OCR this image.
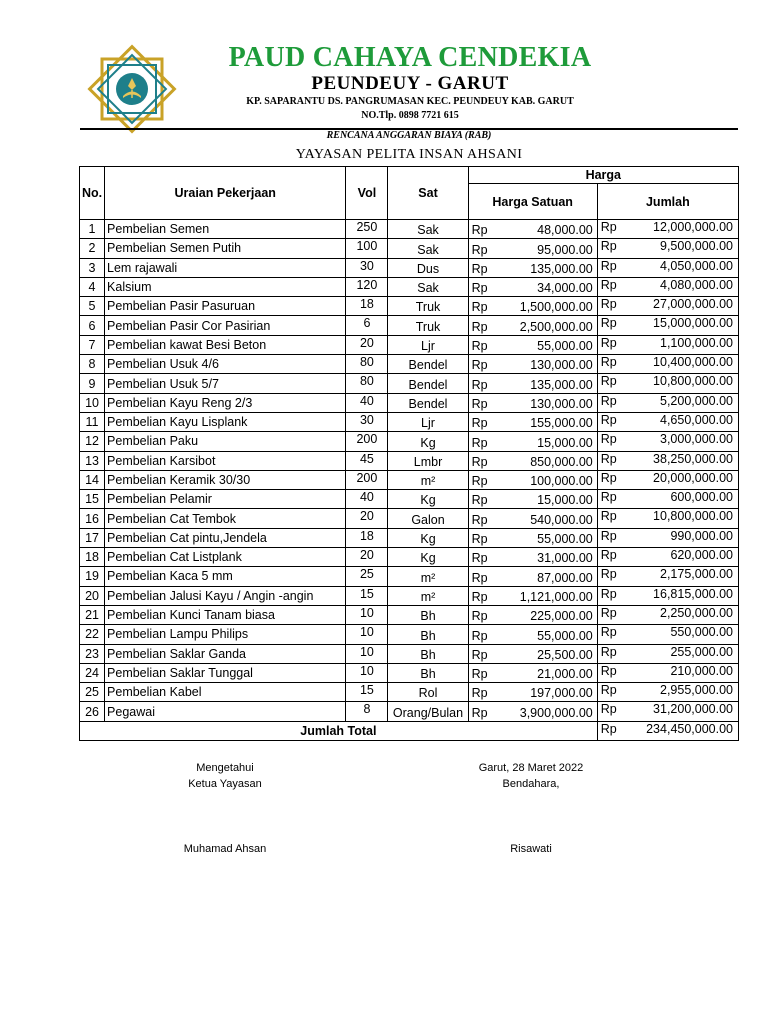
PAUD CAHAYA CENDEKIA
PEUNDEUY - GARUT
KP. SAPARANTU DS. PANGRUMASAN KEC. PEUNDEUY KAB. GARUT
NO.Tlp. 0898 7721 615
RENCANA ANGGARAN BIAYA (RAB)
YAYASAN PELITA INSAN AHSANI
No.	Uraian Pekerjaan	Vol	Sat	Harga			
				Harga Satuan		Jumlah	
1	Pembelian Semen	250	Sak	Rp	48,000.00	Rp	12,000,000.00
2	Pembelian Semen Putih	100	Sak	Rp	95,000.00	Rp	9,500,000.00
3	Lem rajawali	30	Dus	Rp	135,000.00	Rp	4,050,000.00
4	Kalsium	120	Sak	Rp	34,000.00	Rp	4,080,000.00
5	Pembelian Pasir Pasuruan	18	Truk	Rp	1,500,000.00	Rp	27,000,000.00
6	Pembelian Pasir Cor Pasirian	6	Truk	Rp	2,500,000.00	Rp	15,000,000.00
7	Pembelian kawat Besi Beton	20	Ljr	Rp	55,000.00	Rp	1,100,000.00
8	Pembelian Usuk 4/6	80	Bendel	Rp	130,000.00	Rp	10,400,000.00
9	Pembelian Usuk 5/7	80	Bendel	Rp	135,000.00	Rp	10,800,000.00
10	Pembelian Kayu Reng 2/3	40	Bendel	Rp	130,000.00	Rp	5,200,000.00
11	Pembelian Kayu Lisplank	30	Ljr	Rp	155,000.00	Rp	4,650,000.00
12	Pembelian Paku	200	Kg	Rp	15,000.00	Rp	3,000,000.00
13	Pembelian Karsibot	45	Lmbr	Rp	850,000.00	Rp	38,250,000.00
14	Pembelian Keramik 30/30	200	m²	Rp	100,000.00	Rp	20,000,000.00
15	Pembelian Pelamir	40	Kg	Rp	15,000.00	Rp	600,000.00
16	Pembelian Cat Tembok	20	Galon	Rp	540,000.00	Rp	10,800,000.00
17	Pembelian Cat pintu,Jendela	18	Kg	Rp	55,000.00	Rp	990,000.00
18	Pembelian Cat Listplank	20	Kg	Rp	31,000.00	Rp	620,000.00
19	Pembelian Kaca 5 mm	25	m²	Rp	87,000.00	Rp	2,175,000.00
20	Pembelian Jalusi Kayu / Angin -angin	15	m²	Rp	1,121,000.00	Rp	16,815,000.00
21	Pembelian Kunci Tanam biasa	10	Bh	Rp	225,000.00	Rp	2,250,000.00
22	Pembelian Lampu Philips	10	Bh	Rp	55,000.00	Rp	550,000.00
23	Pembelian Saklar Ganda	10	Bh	Rp	25,500.00	Rp	255,000.00
24	Pembelian Saklar Tunggal	10	Bh	Rp	21,000.00	Rp	210,000.00
25	Pembelian Kabel	15	Rol	Rp	197,000.00	Rp	2,955,000.00
26	Pegawai	8	Orang/Bulan	Rp	3,900,000.00	Rp	31,200,000.00
Jumlah Total						Rp	234,450,000.00
Mengetahui
Ketua Yayasan
Muhamad Ahsan
Garut, 28 Maret 2022
Bendahara,
Risawati
